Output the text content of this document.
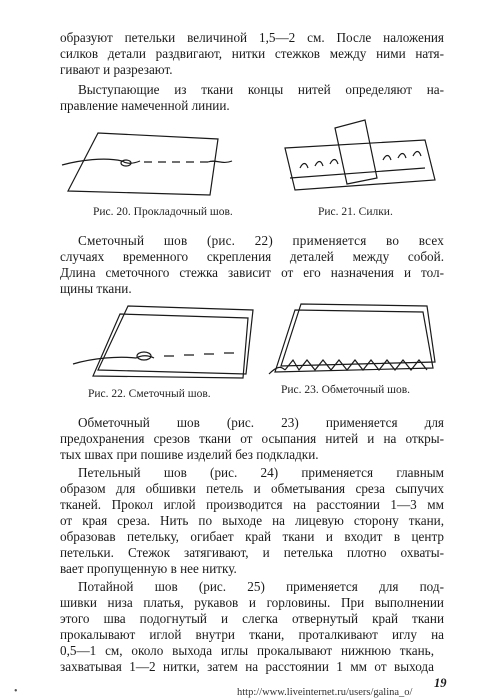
образуют петельки величиной 1,5—2 см. После наложения
силков детали раздвигают, нитки стежков между ними натя-
гивают и разрезают.
Выступающие из ткани концы нитей определяют на-
правление намеченной линии.
Рис. 20. Прокладочный шов.	Рис. 21. Силки.
Сметочный шов (рис. 22) применяется во всех
случаях временного скрепления деталей между собой.
Длина сметочного стежка зависит от его назначения и тол-
щины ткани.
Рис. 22. Сметочный шов.	Рис. 23. Обметочный шов.
Обметочный шов (рис. 23) применяется для
предохранения срезов ткани от осыпания нитей и на откры-
тых швах при пошиве изделий без подкладки.
Петельный шов (рис. 24) применяется главным
образом для обшивки петель и обметывания среза сыпучих
тканей. Прокол иглой производится на расстоянии 1—3 мм
от края среза. Нить по выходе на лицевую сторону ткани,
образовав петельку, огибает край ткани и входит в центр
петельки. Стежок затягивают, и петелька плотно охваты-
вает пропущенную в нее нитку.
Потайной шов (рис. 25) применяется для под-
шивки низа платья, рукавов и горловины. При выполнении
этого шва подогнутый и слегка отвернутый край ткани
прокалывают иглой внутри ткани, проталкивают иглу на
0,5—1 см, около выхода иглы прокалывают нижнюю ткань,
захватывая 1—2 нитки, затем на расстоянии 1 мм от выхода
19
http://www.liveinternet.ru/users/galina_o/
•
